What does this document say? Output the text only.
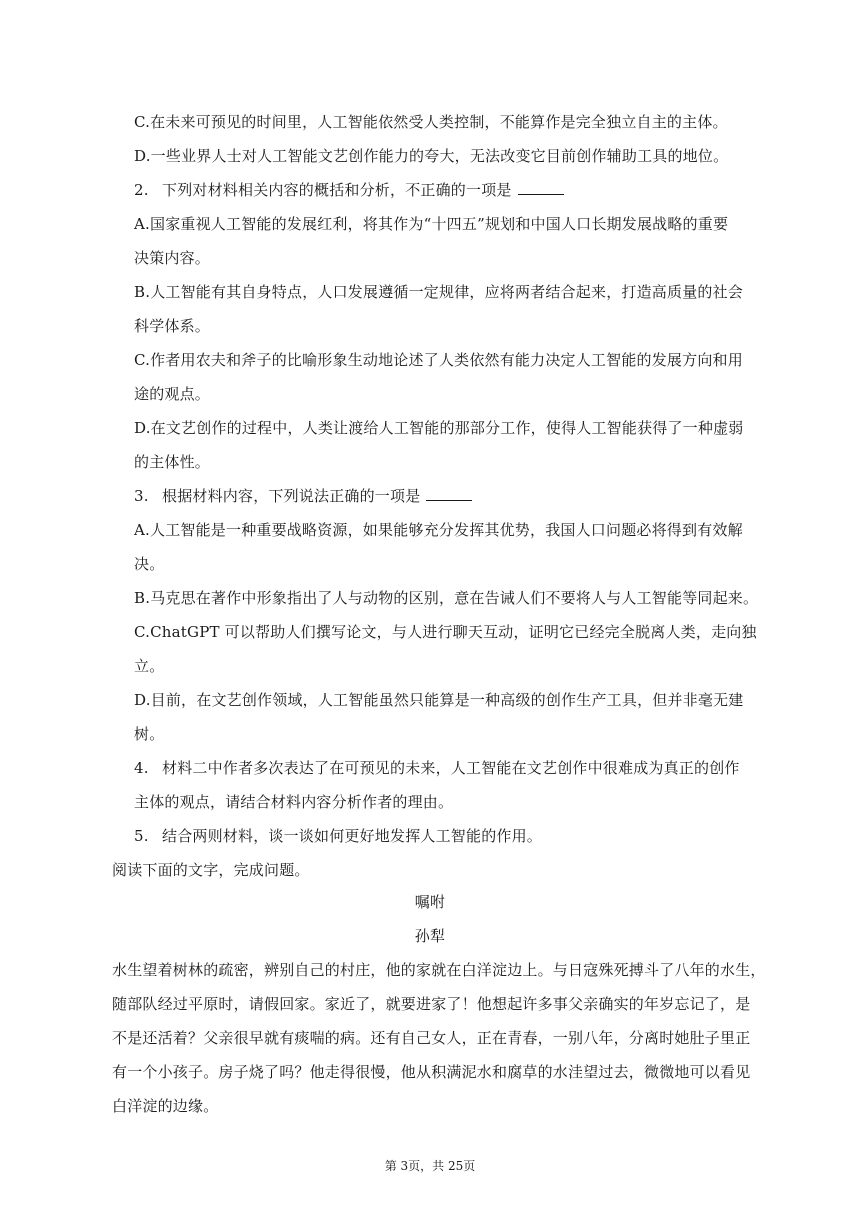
C.在未来可预见的时间里，人工智能依然受人类控制，不能算作是完全独立自主的主体。
D.一些业界人士对人工智能文艺创作能力的夸大，无法改变它目前创作辅助工具的地位。
2. 下列对材料相关内容的概括和分析，不正确的一项是
A.国家重视人工智能的发展红利，将其作为“十四五”规划和中国人口长期发展战略的重要
决策内容。
B.人工智能有其自身特点，人口发展遵循一定规律，应将两者结合起来，打造高质量的社会
科学体系。
C.作者用农夫和斧子的比喻形象生动地论述了人类依然有能力决定人工智能的发展方向和用
途的观点。
D.在文艺创作的过程中，人类让渡给人工智能的那部分工作，使得人工智能获得了一种虚弱
的主体性。
3. 根据材料内容，下列说法正确的一项是
A.人工智能是一种重要战略资源，如果能够充分发挥其优势，我国人口问题必将得到有效解
决。
B.马克思在著作中形象指出了人与动物的区别，意在告诫人们不要将人与人工智能等同起来。
C.ChatGPT 可以帮助人们撰写论文，与人进行聊天互动，证明它已经完全脱离人类，走向独
立。
D.目前，在文艺创作领域，人工智能虽然只能算是一种高级的创作生产工具，但并非毫无建
树。
4. 材料二中作者多次表达了在可预见的未来，人工智能在文艺创作中很难成为真正的创作
主体的观点，请结合材料内容分析作者的理由。
5. 结合两则材料，谈一谈如何更好地发挥人工智能的作用。
阅读下面的文字，完成问题。
嘱咐
孙犁
水生望着树林的疏密，辨别自己的村庄，他的家就在白洋淀边上。与日寇殊死搏斗了八年的水生，
随部队经过平原时，请假回家。家近了，就要进家了！他想起许多事父亲确实的年岁忘记了，是
不是还活着？父亲很早就有痰喘的病。还有自己女人，正在青春，一别八年，分离时她肚子里正
有一个小孩子。房子烧了吗？他走得很慢，他从积满泥水和腐草的水洼望过去，微微地可以看见
白洋淀的边缘。
第 3页，共 25页
